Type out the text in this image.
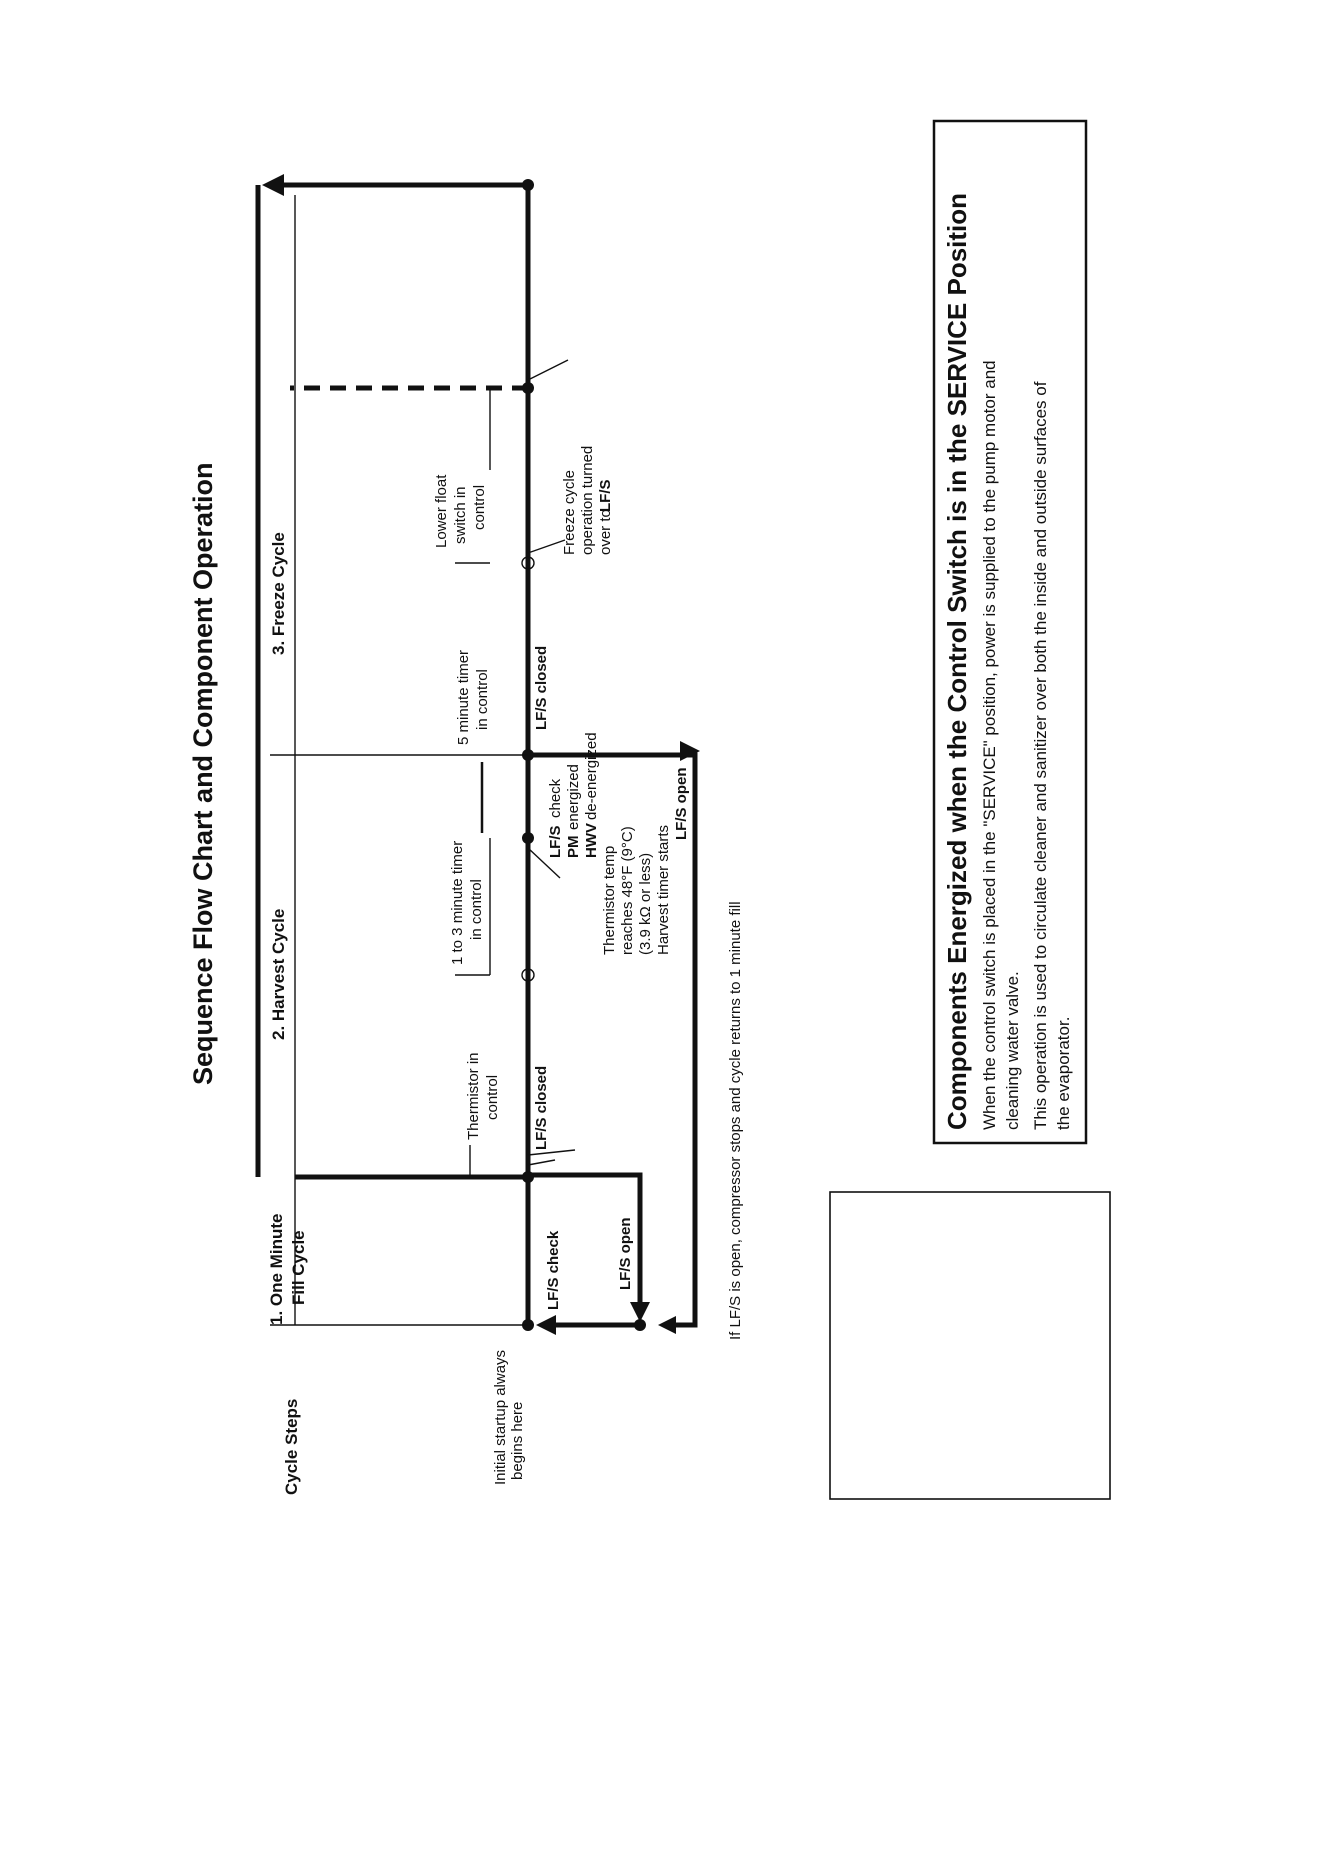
Sequence Flow Chart and Component Operation
Cycle Steps
1. One Minute Fill Cycle
2. Harvest Cycle
3. Freeze Cycle
Thermistor in control
1 to 3 minute timer in control
5 minute timer in control
Lower float switch in control
Initial startup always begins here
LF/S check	LF/S open
LF/S closed
LF/S
check
PM
energized
HWV
de-energized
Thermistor temp reaches 48°F (9°C) (3.9 kΩ or less) Harvest timer starts
LF/S closed
LF/S open
Freeze cycle operation turned over to
LF/S
If LF/S is open, compressor stops and cycle returns to 1 minute fill	Components Energized when the Control Switch is in the SERVICE Position When the control switch is placed in the "SERVICE" position, power is supplied to the pump motor and cleaning water valve. This operation is used to circulate cleaner and sanitizer over both the inside and outside surfaces of the evaporator.
